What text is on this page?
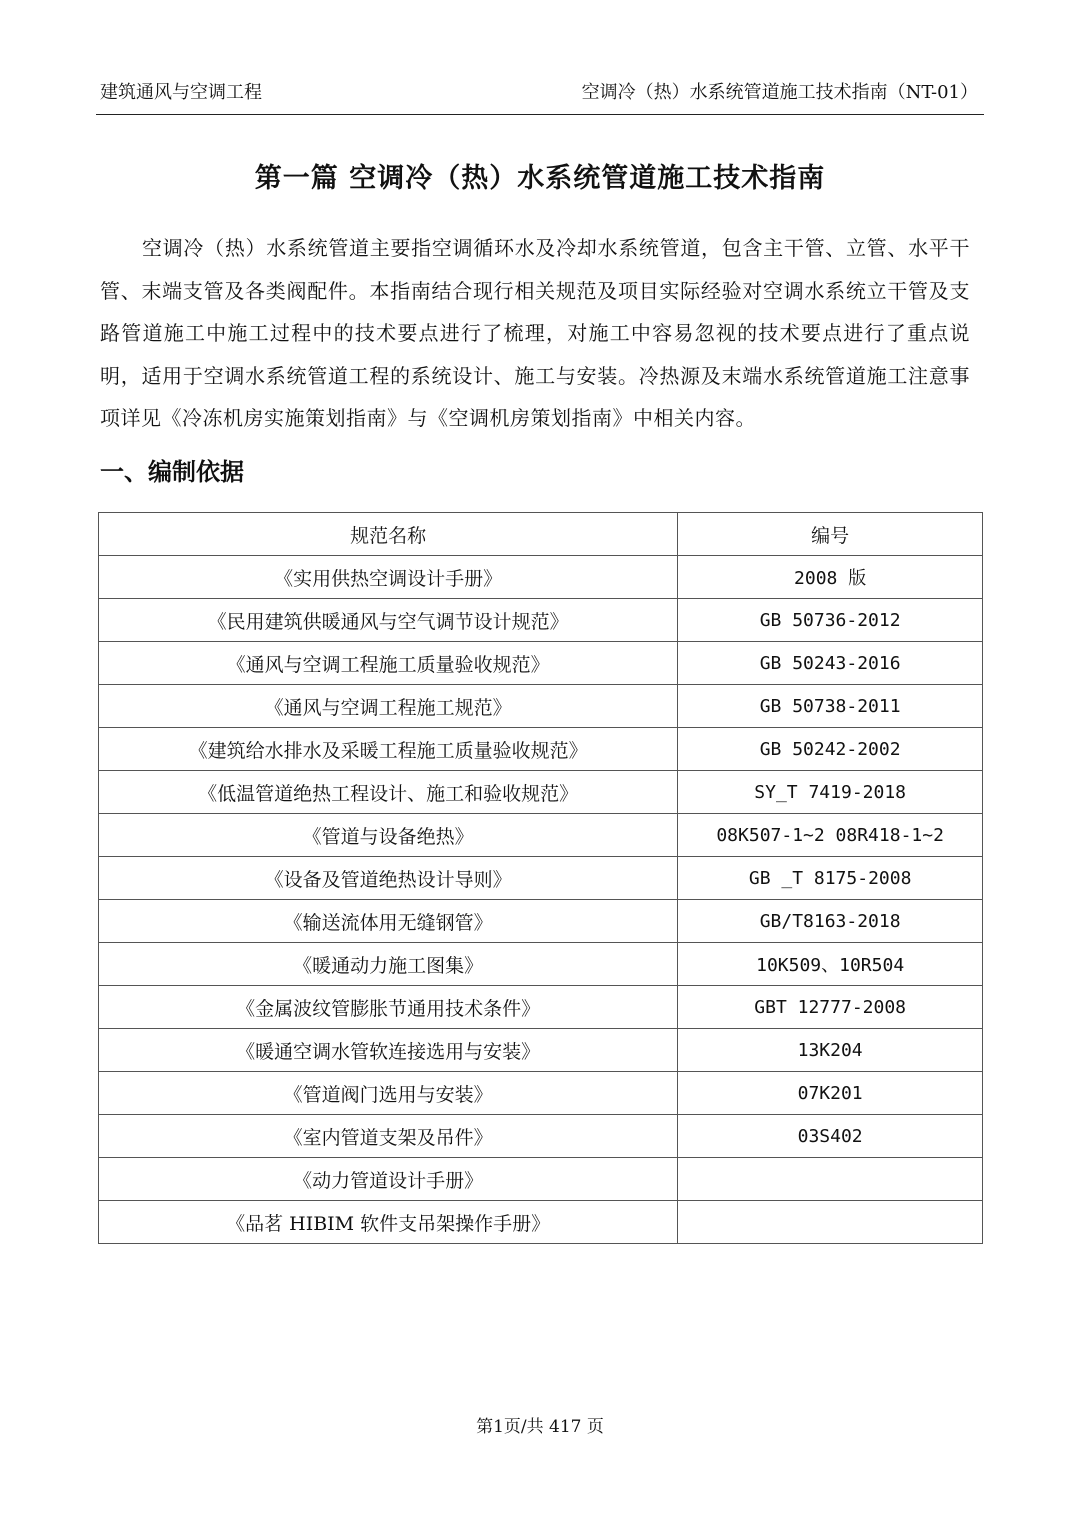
建筑通风与空调工程	空调冷（热）水系统管道施工技术指南（NT-01）
第一篇 空调冷（热）水系统管道施工技术指南
空调冷（热）水系统管道主要指空调循环水及冷却水系统管道，包含主干管、立管、水平干管、末端支管及各类阀配件。本指南结合现行相关规范及项目实际经验对空调水系统立干管及支路管道施工中施工过程中的技术要点进行了梳理，对施工中容易忽视的技术要点进行了重点说明，适用于空调水系统管道工程的系统设计、施工与安装。冷热源及末端水系统管道施工注意事项详见《冷冻机房实施策划指南》与《空调机房策划指南》中相关内容。
一、编制依据
规范名称	编号
《实用供热空调设计手册》	2008 版
《民用建筑供暖通风与空气调节设计规范》	GB 50736-2012
《通风与空调工程施工质量验收规范》	GB 50243-2016
《通风与空调工程施工规范》	GB 50738-2011
《建筑给水排水及采暖工程施工质量验收规范》	GB 50242-2002
《低温管道绝热工程设计、施工和验收规范》	SY_T 7419-2018
《管道与设备绝热》	08K507-1~2 08R418-1~2
《设备及管道绝热设计导则》	GB _T 8175-2008
《输送流体用无缝钢管》	GB/T8163-2018
《暖通动力施工图集》	10K509、10R504
《金属波纹管膨胀节通用技术条件》	GBT 12777-2008
《暖通空调水管软连接选用与安装》	13K204
《管道阀门选用与安装》	07K201
《室内管道支架及吊件》	03S402
《动力管道设计手册》	
《品茗 HIBIM 软件支吊架操作手册》	
第1页/共 417 页
